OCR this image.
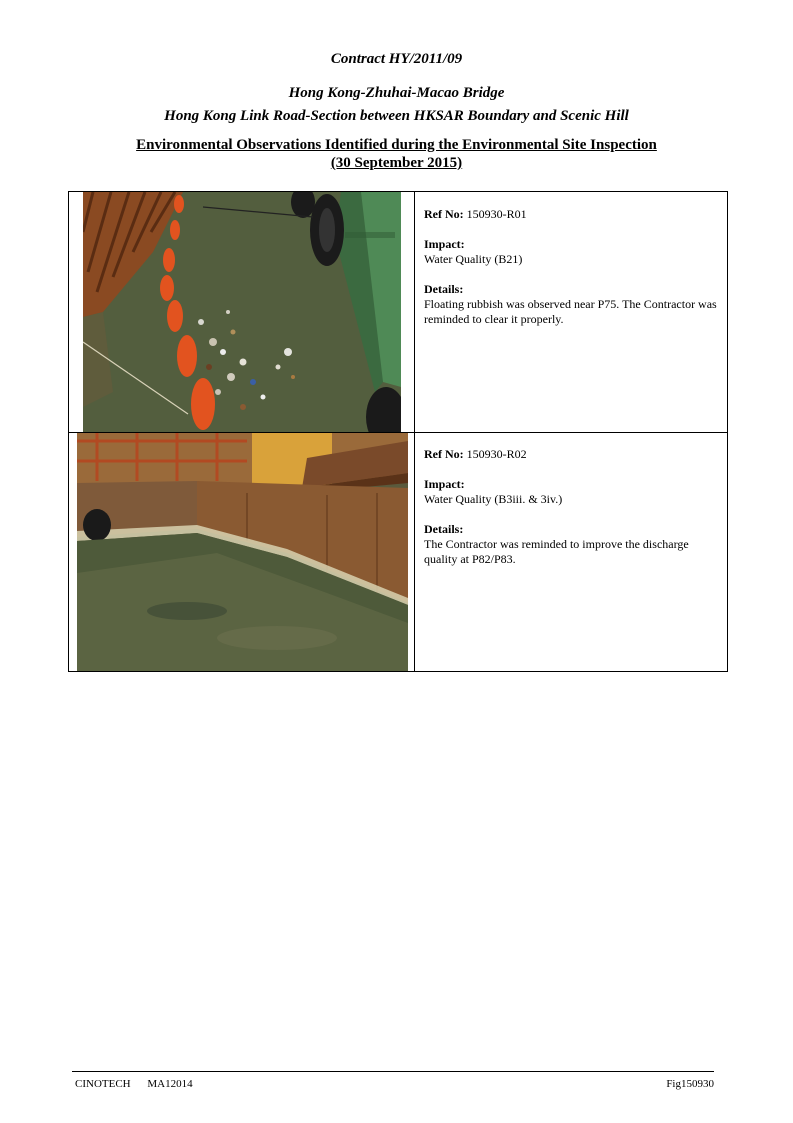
Contract HY/2011/09
Hong Kong-Zhuhai-Macao Bridge
Hong Kong Link Road-Section between HKSAR Boundary and Scenic Hill
Environmental Observations Identified during the Environmental Site Inspection
(30 September 2015)
Ref No: 150930-R01
Impact:
Water Quality (B21)
Details:
Floating rubbish was observed near P75. The Contractor was reminded to clear it properly.
Ref No: 150930-R02
Impact:
Water Quality (B3iii. & 3iv.)
Details:
The Contractor was reminded to improve the discharge quality at P82/P83.
CINOTECH MA12014	Fig150930
